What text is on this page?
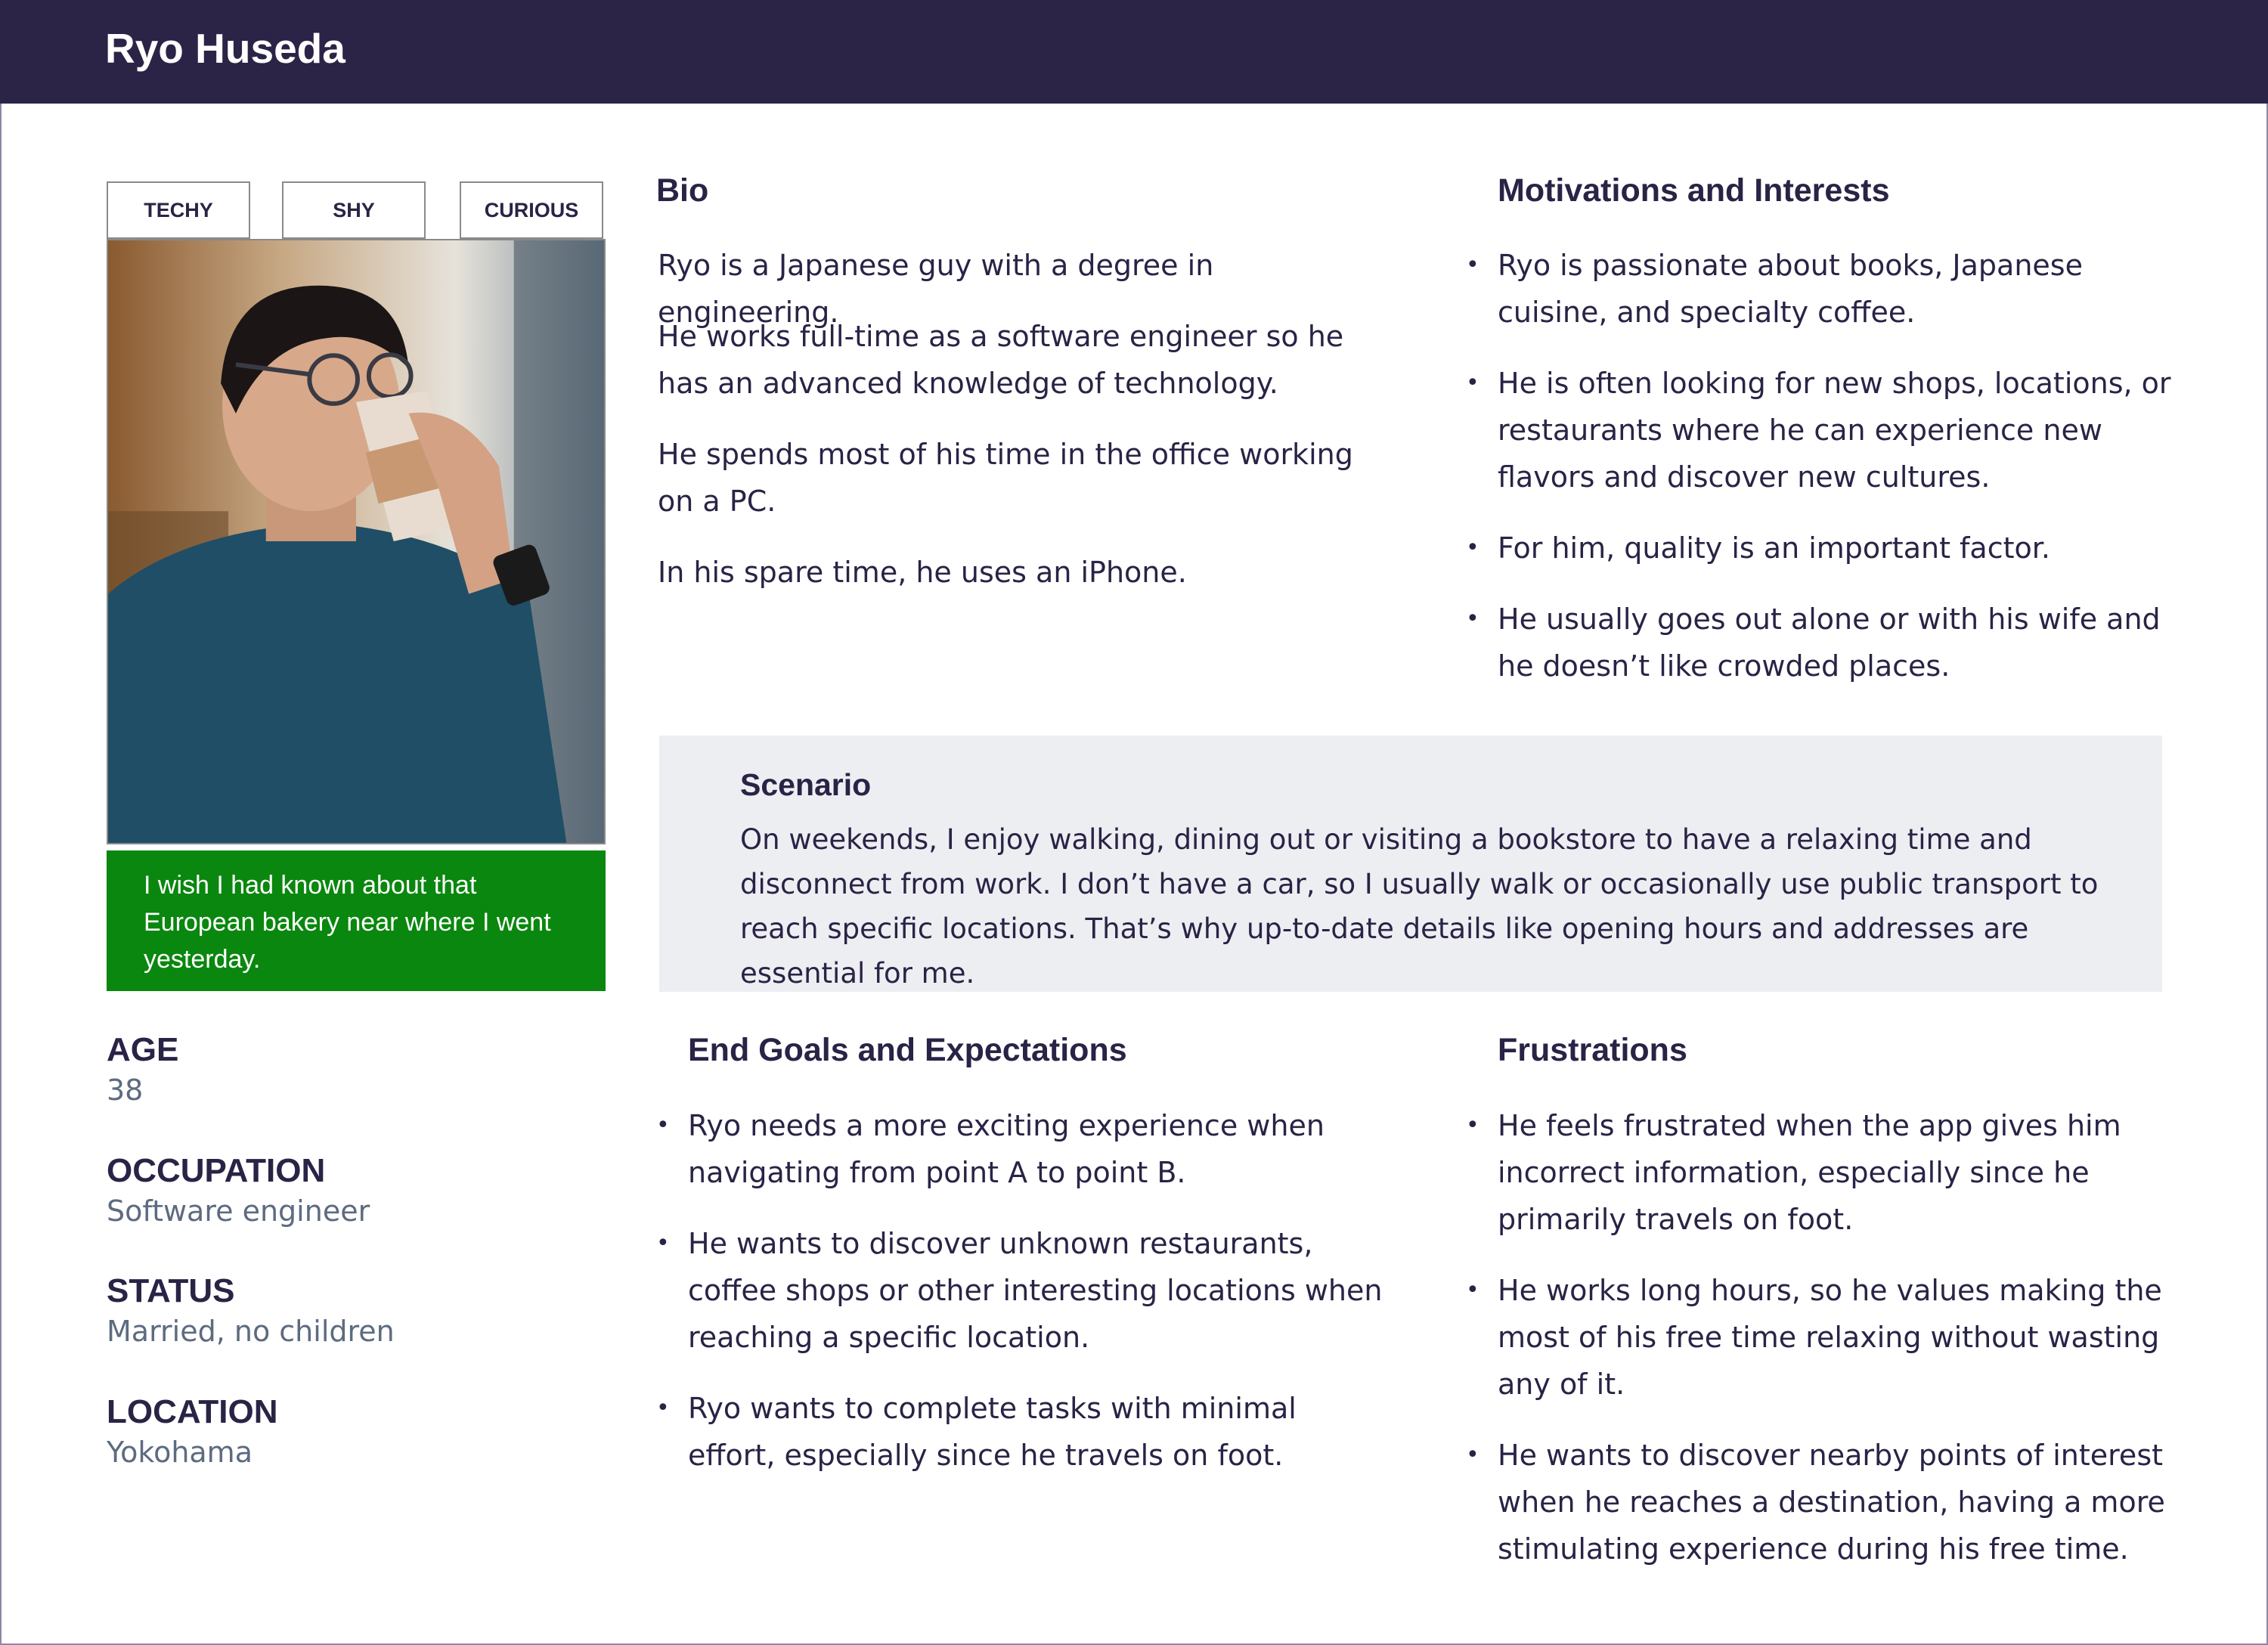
Ryo Huseda
TECHY	SHY	CURIOUS
I wish I had known about that European bakery near where I went yesterday.
AGE
38
OCCUPATION
Software engineer
STATUS
Married, no children
LOCATION
Yokohama
Bio
Ryo is a Japanese guy with a degree in engineering.
He works full-time as a software engineer so he has an advanced knowledge of technology.
He spends most of his time in the office working on a PC.
In his spare time, he uses an iPhone.
Motivations and Interests
• Ryo is passionate about books, Japanese cuisine, and specialty coffee.
• He is often looking for new shops, locations, or restaurants where he can experience new flavors and discover new cultures.
• For him, quality is an important factor.
• He usually goes out alone or with his wife and he doesn’t like crowded places.
Scenario
On weekends, I enjoy walking, dining out or visiting a bookstore to have a relaxing time and disconnect from work. I don’t have a car, so I usually walk or occasionally use public transport to reach specific locations. That’s why up-to-date details like opening hours and addresses are essential for me.
End Goals and Expectations
• Ryo needs a more exciting experience when navigating from point A to point B.
• He wants to discover unknown restaurants, coffee shops or other interesting locations when reaching a specific location.
• Ryo wants to complete tasks with minimal effort, especially since he travels on foot.
Frustrations
• He feels frustrated when the app gives him incorrect information, especially since he primarily travels on foot.
• He works long hours, so he values making the most of his free time relaxing without wasting any of it.
• He wants to discover nearby points of interest when he reaches a destination, having a more stimulating experience during his free time.
